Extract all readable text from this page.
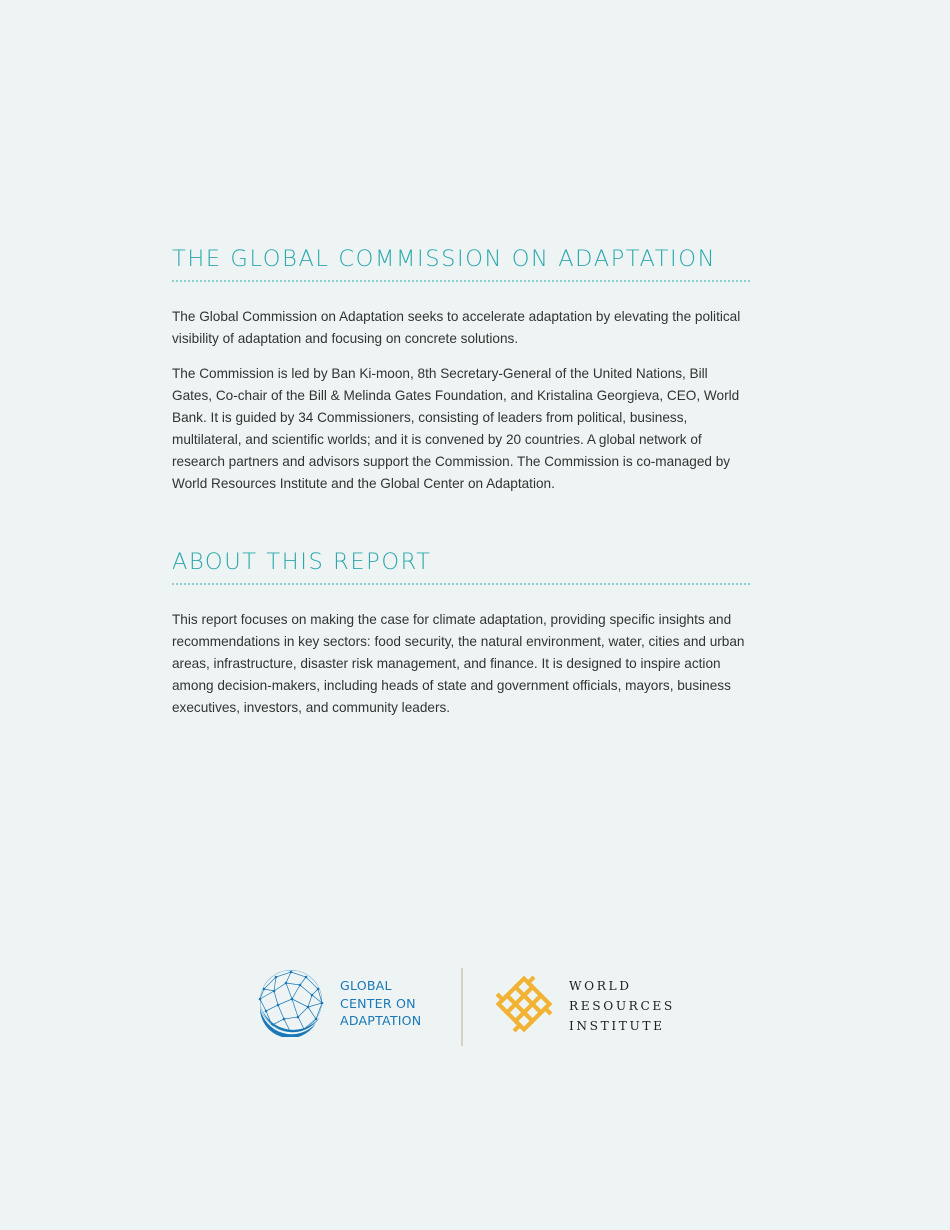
THE GLOBAL COMMISSION ON ADAPTATION

The Global Commission on Adaptation seeks to accelerate adaptation by elevating the political visibility of adaptation and focusing on concrete solutions.

The Commission is led by Ban Ki-moon, 8th Secretary-General of the United Nations, Bill Gates, Co-chair of the Bill & Melinda Gates Foundation, and Kristalina Georgieva, CEO, World Bank. It is guided by 34 Commissioners, consisting of leaders from political, business, multilateral, and scientific worlds; and it is convened by 20 countries. A global network of research partners and advisors support the Commission. The Commission is co-managed by World Resources Institute and the Global Center on Adaptation.

ABOUT THIS REPORT

This report focuses on making the case for climate adaptation, providing specific insights and recommendations in key sectors: food security, the natural environment, water, cities and urban areas, infrastructure, disaster risk management, and finance. It is designed to inspire action among decision-makers, including heads of state and government officials, mayors, business executives, investors, and community leaders.

GLOBAL
CENTER ON
ADAPTATION
WORLD
RESOURCES
INSTITUTE
